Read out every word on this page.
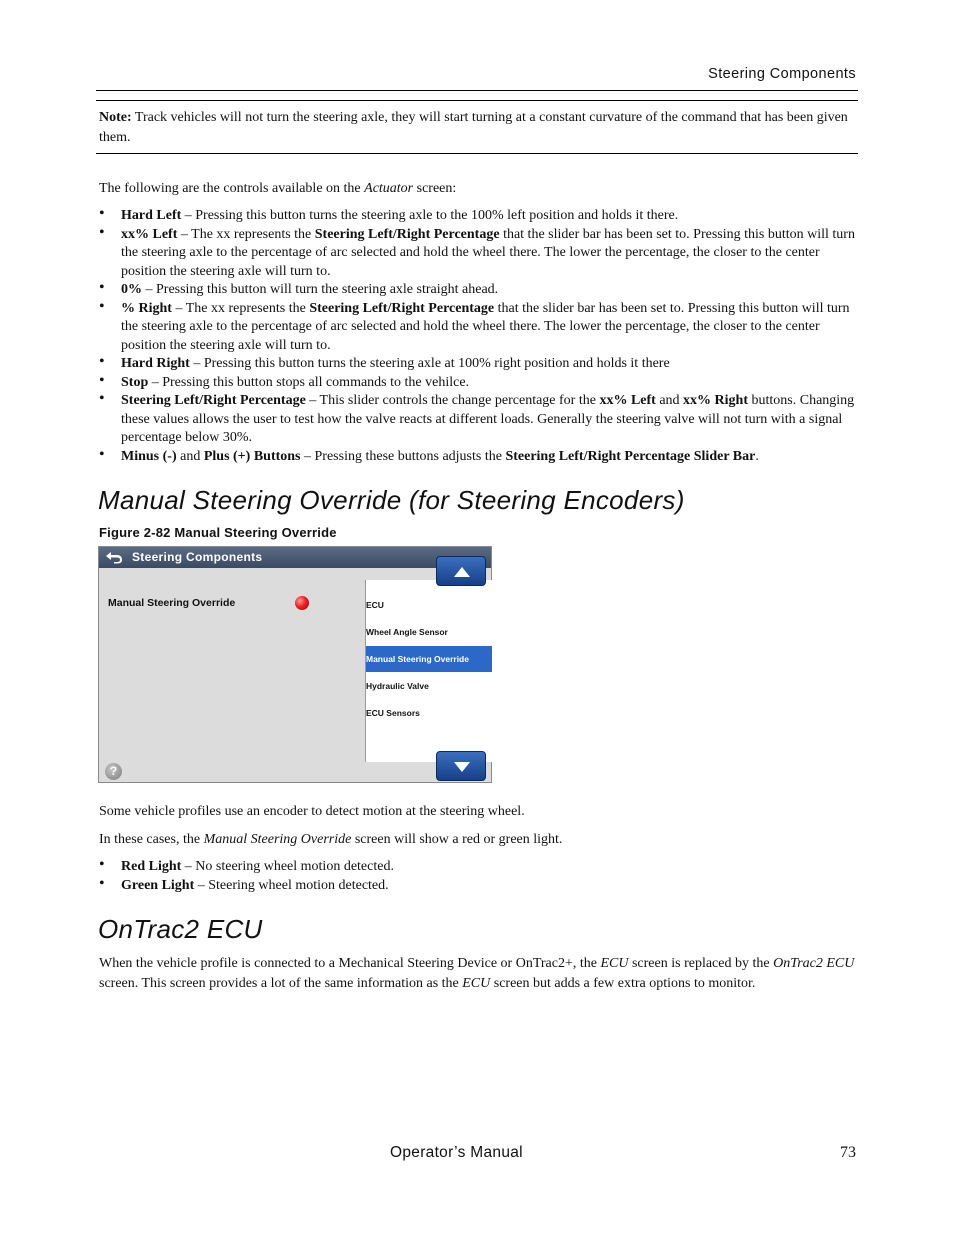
Steering Components
Note: Track vehicles will not turn the steering axle, they will start turning at a constant curvature of the command that has been given them.
The following are the controls available on the Actuator screen:
• Hard Left – Pressing this button turns the steering axle to the 100% left position and holds it there.
• xx% Left – The xx represents the Steering Left/Right Percentage that the slider bar has been set to. Pressing this button will turn the steering axle to the percentage of arc selected and hold the wheel there. The lower the percentage, the closer to the center position the steering axle will turn to.
• 0% – Pressing this button will turn the steering axle straight ahead.
• % Right – The xx represents the Steering Left/Right Percentage that the slider bar has been set to. Pressing this button will turn the steering axle to the percentage of arc selected and hold the wheel there. The lower the percentage, the closer to the center position the steering axle will turn to.
• Hard Right – Pressing this button turns the steering axle at 100% right position and holds it there
• Stop – Pressing this button stops all commands to the vehilce.
• Steering Left/Right Percentage – This slider controls the change percentage for the xx% Left and xx% Right buttons. Changing these values allows the user to test how the valve reacts at different loads. Generally the steering valve will not turn with a signal percentage below 30%.
• Minus (-) and Plus (+) Buttons – Pressing these buttons adjusts the Steering Left/Right Percentage Slider Bar.
Manual Steering Override (for Steering Encoders)
Figure 2-82 Manual Steering Override
Steering Components
Manual Steering Override	ECU
Wheel Angle Sensor
Manual Steering Override
Hydraulic Valve
ECU Sensors
?
Some vehicle profiles use an encoder to detect motion at the steering wheel.
In these cases, the Manual Steering Override screen will show a red or green light.
• Red Light – No steering wheel motion detected.
• Green Light – Steering wheel motion detected.
OnTrac2 ECU
When the vehicle profile is connected to a Mechanical Steering Device or OnTrac2+, the ECU screen is replaced by the OnTrac2 ECU screen. This screen provides a lot of the same information as the ECU screen but adds a few extra options to monitor.
Operator’s Manual	73
